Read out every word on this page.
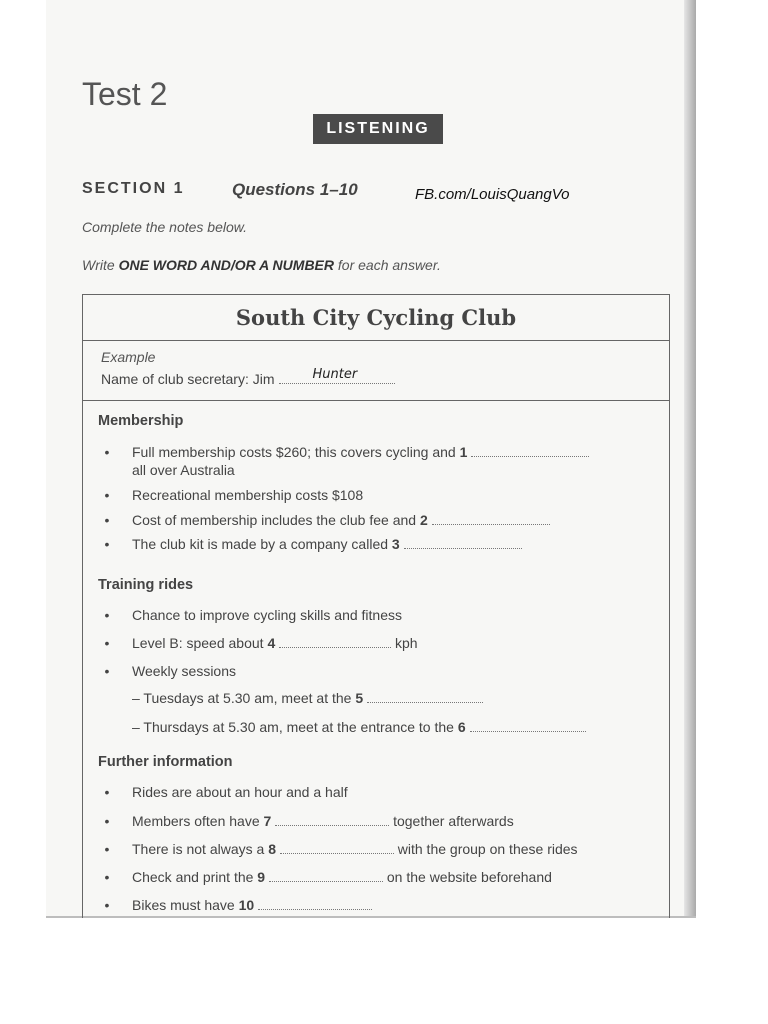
Test 2
LISTENING
SECTION 1	Questions 1–10	FB.com/LouisQuangVo
Complete the notes below.
Write ONE WORD AND/OR A NUMBER for each answer.
South City Cycling Club
Example
Name of club secretary: Jim	Hunter
Membership
•	Full membership costs $260; this covers cycling and 1
all over Australia
•	Recreational membership costs $108
•	Cost of membership includes the club fee and 2
•	The club kit is made by a company called 3
Training rides
•	Chance to improve cycling skills and fitness
•	Level B: speed about 4	kph
•	Weekly sessions
– Tuesdays at 5.30 am, meet at the 5
– Thursdays at 5.30 am, meet at the entrance to the 6
Further information
•	Rides are about an hour and a half
•	Members often have 7	together afterwards
•	There is not always a 8	with the group on these rides
•	Check and print the 9	on the website beforehand
•	Bikes must have 10
